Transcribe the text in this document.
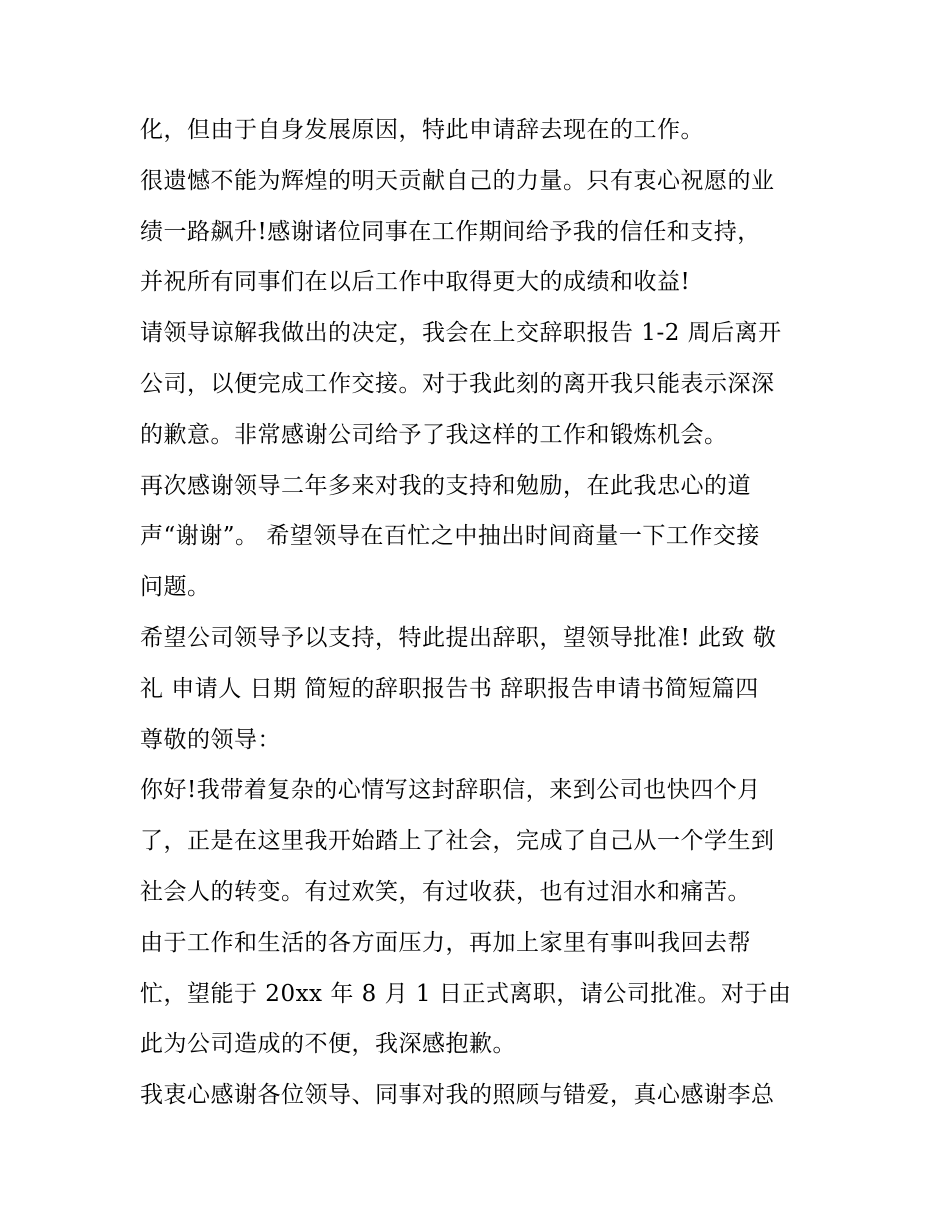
化，但由于自身发展原因，特此申请辞去现在的工作。
很遗憾不能为辉煌的明天贡献自己的力量。只有衷心祝愿的业
绩一路飙升!感谢诸位同事在工作期间给予我的信任和支持，
并祝所有同事们在以后工作中取得更大的成绩和收益!
请领导谅解我做出的决定，我会在上交辞职报告 1-2 周后离开
公司，以便完成工作交接。对于我此刻的离开我只能表示深深
的歉意。非常感谢公司给予了我这样的工作和锻炼机会。
再次感谢领导二年多来对我的支持和勉励，在此我忠心的道
声“谢谢”。 希望领导在百忙之中抽出时间商量一下工作交接
问题。
希望公司领导予以支持，特此提出辞职，望领导批准! 此致 敬
礼 申请人 日期 简短的辞职报告书 辞职报告申请书简短篇四
尊敬的领导：
你好!我带着复杂的心情写这封辞职信，来到公司也快四个月
了，正是在这里我开始踏上了社会，完成了自己从一个学生到
社会人的转变。有过欢笑，有过收获，也有过泪水和痛苦。
由于工作和生活的各方面压力，再加上家里有事叫我回去帮
忙，望能于 20xx 年 8 月 1 日正式离职，请公司批准。对于由
此为公司造成的不便，我深感抱歉。
我衷心感谢各位领导、同事对我的照顾与错爱，真心感谢李总
